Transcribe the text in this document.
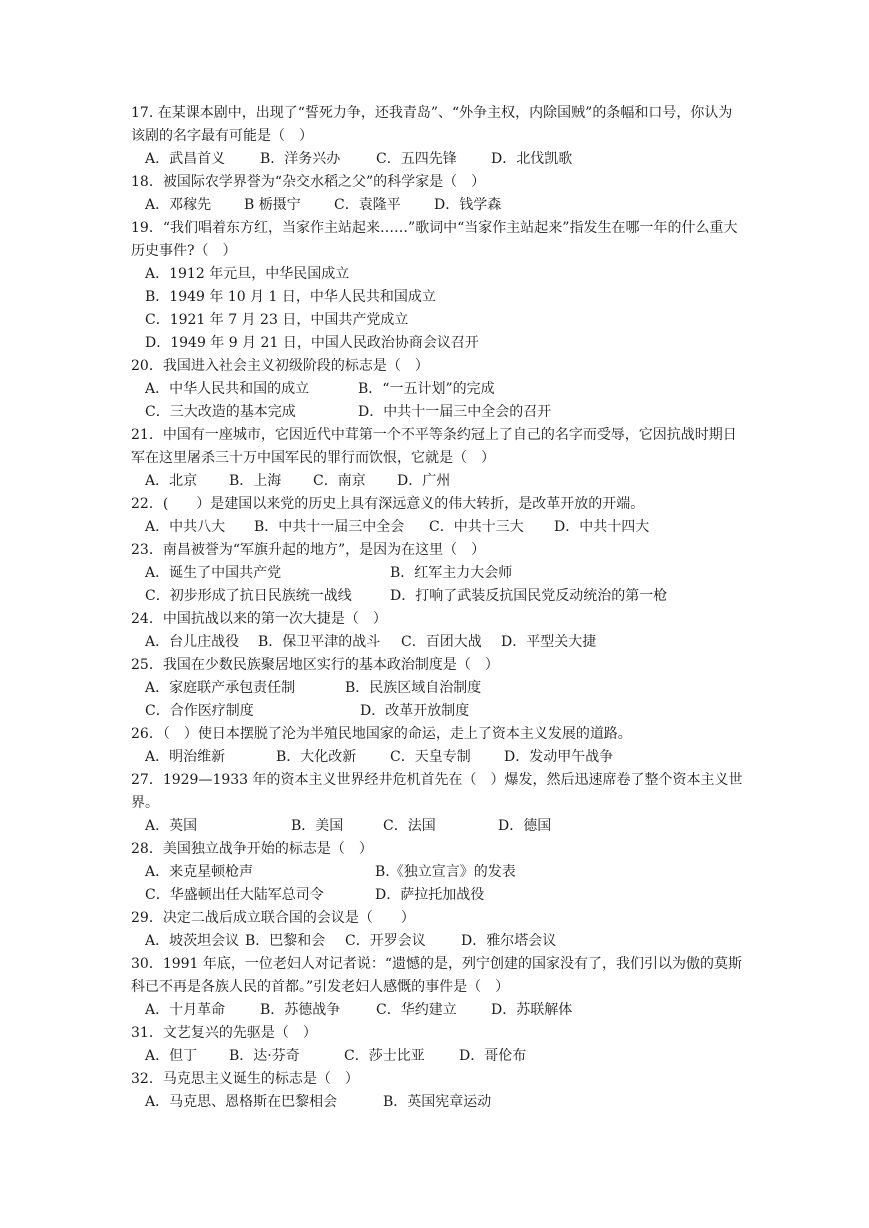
17. 在某课本剧中，出现了“誓死力争，还我青岛”、“外争主权，内除国贼”的条幅和口号，你认为该剧的名字最有可能是（　）

A．武昌首义	B．洋务兴办	C．五四先锋	D．北伐凯歌

18．被国际农学界誉为“杂交水稻之父”的科学家是（　）

A．邓稼先	B 栃摄宁	C．袁隆平	D．钱学森

19．“我们唱着东方红，当家作主站起来……”歌词中“当家作主站起来”指发生在哪一年的什么重大历史事件?（　）

A．1912 年元旦，中华民国成立
B．1949 年 10 月 1 日，中华人民共和国成立
C．1921 年 7 月 23 日，中国共产党成立
D．1949 年 9 月 21 日，中国人民政治协商会议召开

20．我国进入社会主义初级阶段的标志是（　）

A．中华人民共和国的成立	B．“一五计划”的完成
C．三大改造的基本完成	D．中共十一届三中全会的召开

21．中国有一座城市，它因近代中茸第一个不平等条约冠上了自己的名字而受辱，它因抗战时期日军在这里屠杀三十万中国军民的罪行而饮恨，它就是（　）

A．北京	B．上海	C．南京	D．广州

22．(　　）是建国以来党的历史上具有深远意义的伟大转折，是改革开放的开端。

A．中共八大	B．中共十一届三中全会	C．中共十三大	D．中共十四大

23．南昌被誉为“军旗升起的地方”，是因为在这里（　）

A．诞生了中国共产党	B．红军主力大会师
C．初步形成了抗日民族统一战线	D．打响了武装反抗国民党反动统治的第一枪

24．中国抗战以来的第一次大捷是（　）

A．台儿庄战役	B．保卫平津的战斗	C．百团大战	D．平型关大捷

25．我国在少数民族聚居地区实行的基本政治制度是（　）

A．家庭联产承包责任制	B．民族区域自治制度
C．合作医疗制度	D．改革开放制度

26．（　）使日本摆脱了沦为半殖民地国家的命运，走上了资本主义发展的道路。

A．明治维新	B．大化改新	C．天皇专制	D．发动甲午战争

27．1929—1933 年的资本主义世界经井危机首先在（　）爆发，然后迅速席卷了整个资本主义世界。

A．英国	B．美国	C．法国	D．德国

28．美国独立战争开始的标志是（　）

A．来克星顿枪声	B.《独立宣言》的发表
C．华盛顿出任大陆军总司令	D．萨拉托加战役

29．决定二战后成立联合国的会议是（　　）

A．坡茨坦会议 B．巴黎和会	C．开罗会议	D．雅尔塔会议

30．1991 年底，一位老妇人对记者说：“遗憾的是，列宁创建的国家没有了，我们引以为傲的莫斯科已不再是各族人民的首都。”引发老妇人感慨的事件是（　）

A．十月革命	B．苏德战争	C．华约建立	D．苏联解体

31．文艺复兴的先驱是（　）

A．但丁	B．达·芬奇	C．莎士比亚	D．哥伦布

32．马克思主义诞生的标志是（　）

A．马克思、恩格斯在巴黎相会	B．英国宪章运动
